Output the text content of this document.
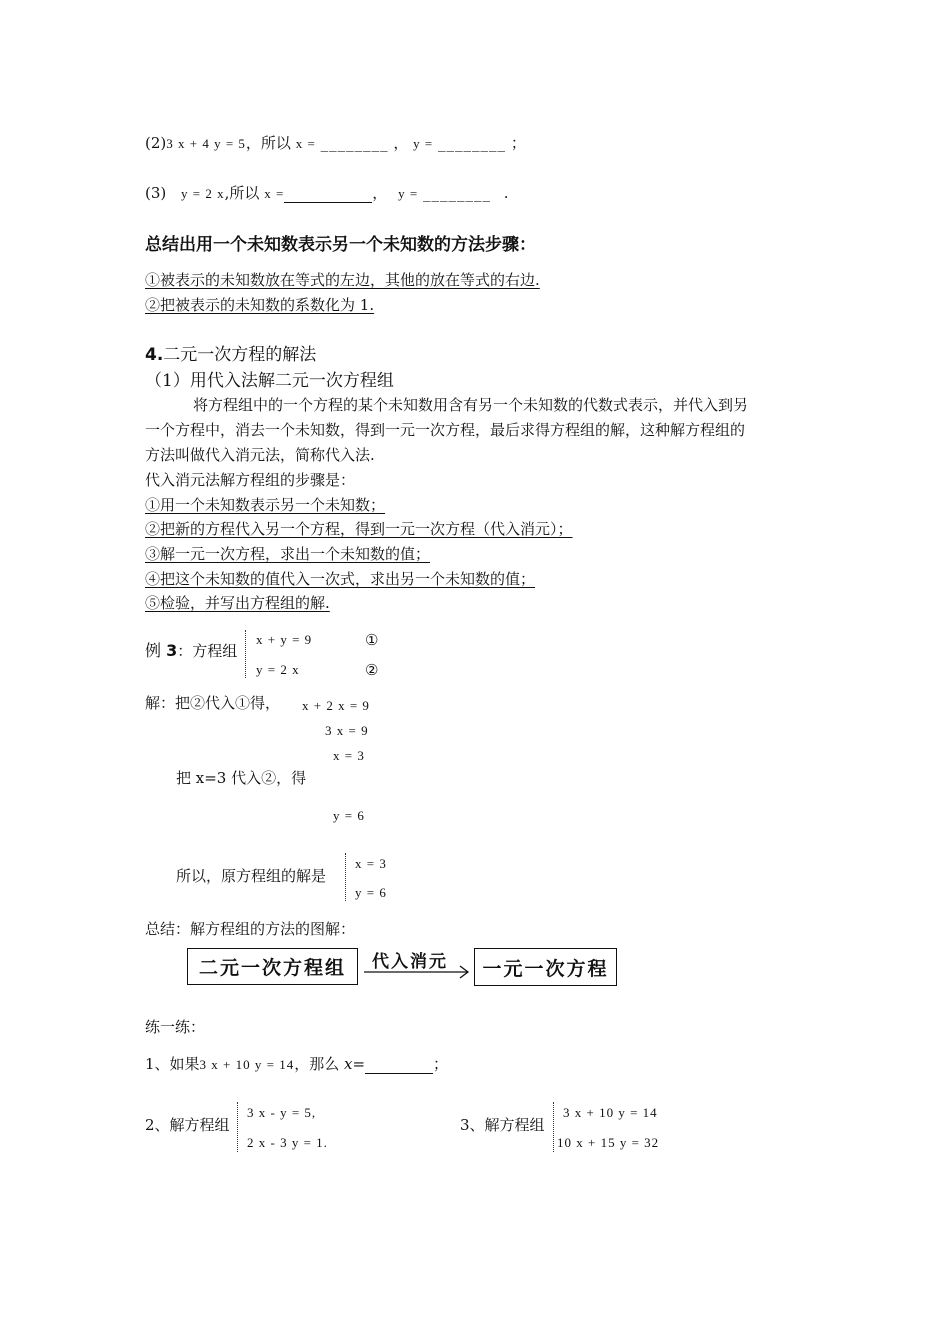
(2)3 x + 4 y = 5，所以 x = ________ ， y = ________ ；
(3) y = 2 x,所以 x =	， y = ________ .
总结出用一个未知数表示另一个未知数的方法步骤：
①被表示的未知数放在等式的左边，其他的放在等式的右边.
②把被表示的未知数的系数化为 1.
4.二元一次方程的解法
（1）用代入法解二元一次方程组
将方程组中的一个方程的某个未知数用含有另一个未知数的代数式表示，并代入到另
一个方程中，消去一个未知数，得到一元一次方程，最后求得方程组的解，这种解方程组的
方法叫做代入消元法，简称代入法.
代入消元法解方程组的步骤是：
①用一个未知数表示另一个未知数；
②把新的方程代入另一个方程，得到一元一次方程（代入消元）；
③解一元一次方程，求出一个未知数的值；
④把这个未知数的值代入一次式，求出另一个未知数的值；
⑤检验，并写出方程组的解.
例 3：方程组
x + y = 9	①
y = 2 x	②
解：把②代入①得， x + 2 x = 9
3 x = 9
x = 3
把 x=3 代入②，得
y = 6
所以，原方程组的解是
x = 3
y = 6
总结：解方程组的方法的图解：
二元一次方程组	代入消元	一元一次方程
练一练：
1、如果3 x + 10 y = 14，那么 x=	；
2、解方程组
3 x - y = 5,
2 x - 3 y = 1.
3、解方程组
3 x + 10 y = 14
10 x + 15 y = 32
